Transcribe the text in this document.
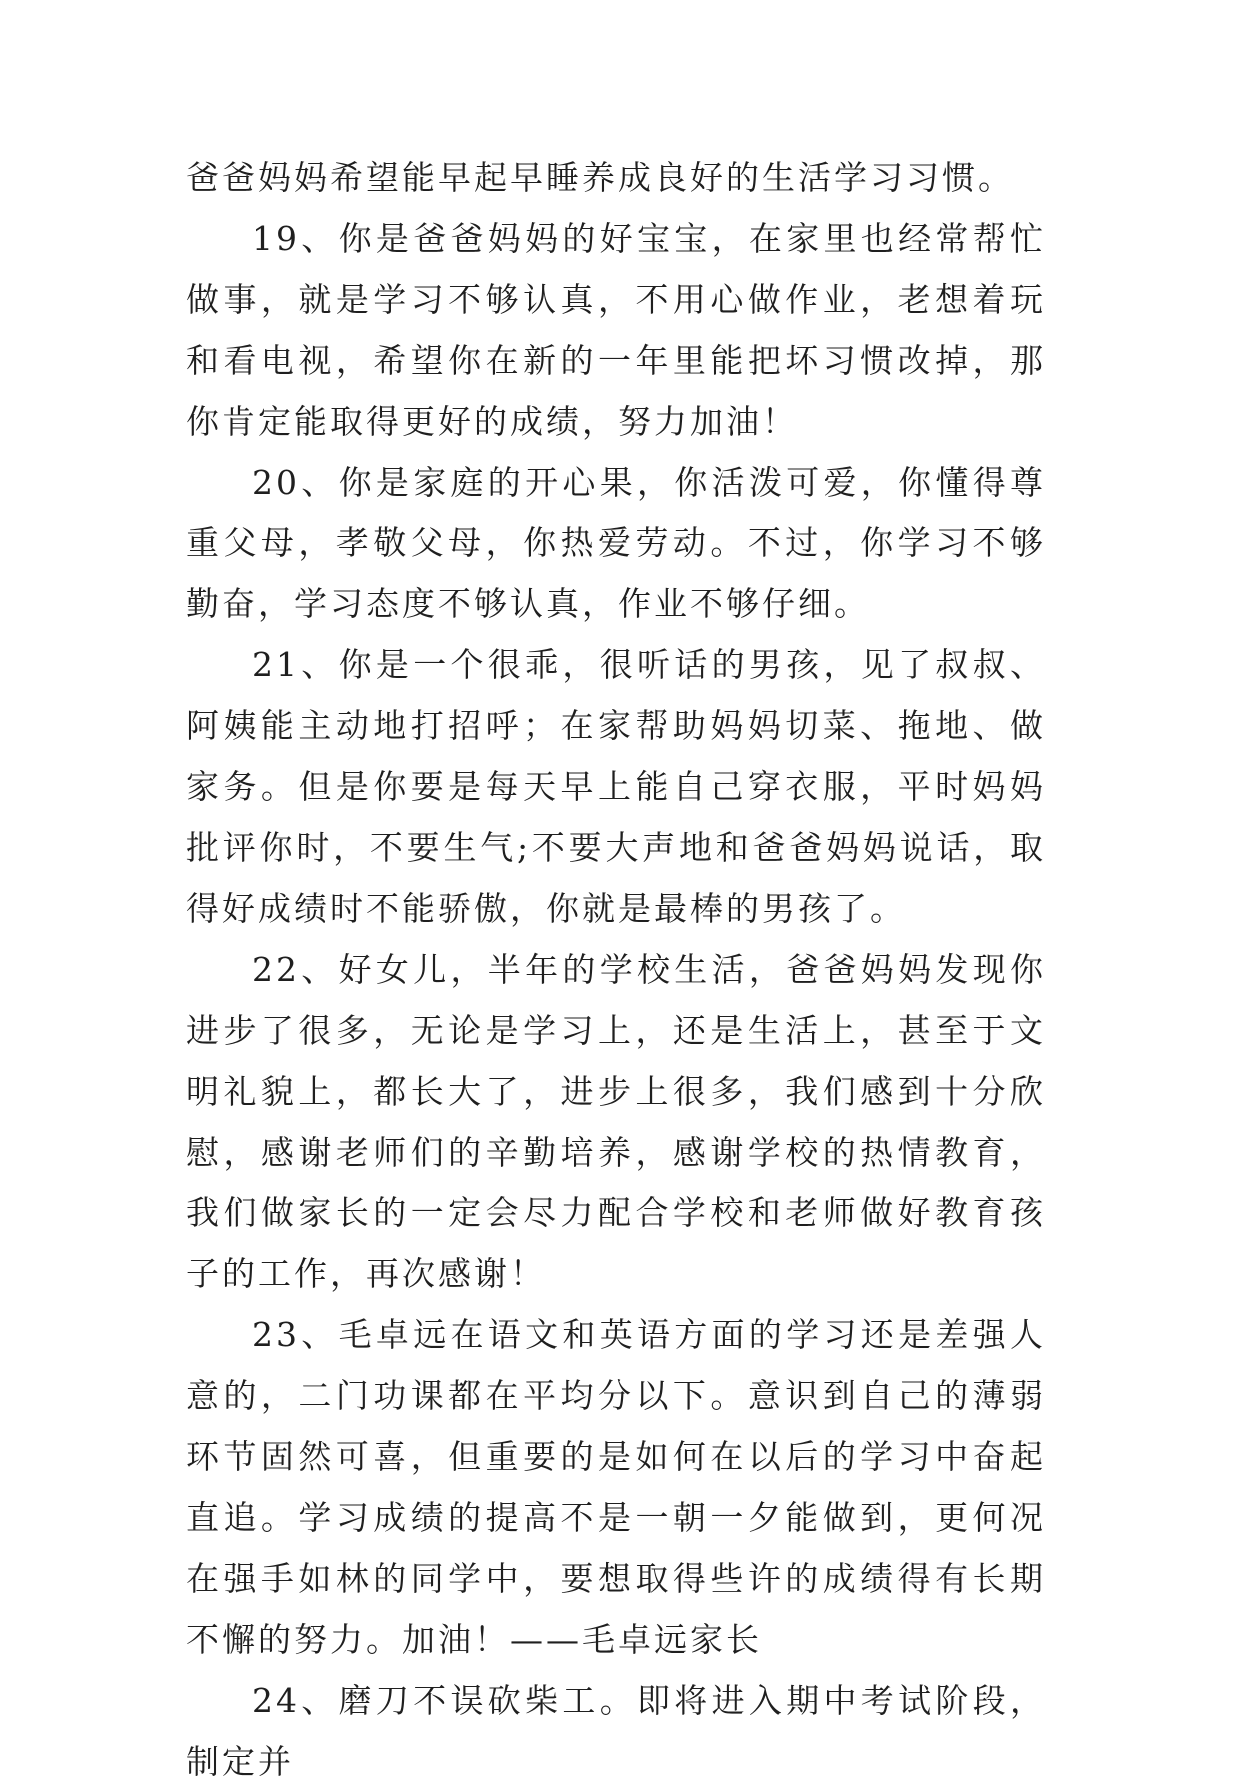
爸爸妈妈希望能早起早睡养成良好的生活学习习惯。

19、你是爸爸妈妈的好宝宝，在家里也经常帮忙做事，就是学习不够认真，不用心做作业，老想着玩和看电视，希望你在新的一年里能把坏习惯改掉，那你肯定能取得更好的成绩，努力加油！

20、你是家庭的开心果，你活泼可爱，你懂得尊重父母，孝敬父母，你热爱劳动。不过，你学习不够勤奋，学习态度不够认真，作业不够仔细。

21、你是一个很乖，很听话的男孩，见了叔叔、阿姨能主动地打招呼；在家帮助妈妈切菜、拖地、做家务。但是你要是每天早上能自己穿衣服，平时妈妈批评你时，不要生气;不要大声地和爸爸妈妈说话，取得好成绩时不能骄傲，你就是最棒的男孩了。

22、好女儿，半年的学校生活，爸爸妈妈发现你进步了很多，无论是学习上，还是生活上，甚至于文明礼貌上，都长大了，进步上很多，我们感到十分欣慰，感谢老师们的辛勤培养，感谢学校的热情教育，我们做家长的一定会尽力配合学校和老师做好教育孩子的工作，再次感谢！

23、毛卓远在语文和英语方面的学习还是差强人意的，二门功课都在平均分以下。意识到自己的薄弱环节固然可喜，但重要的是如何在以后的学习中奋起直追。学习成绩的提高不是一朝一夕能做到，更何况在强手如林的同学中，要想取得些许的成绩得有长期不懈的努力。加油！——毛卓远家长

24、磨刀不误砍柴工。即将进入期中考试阶段，制定并
